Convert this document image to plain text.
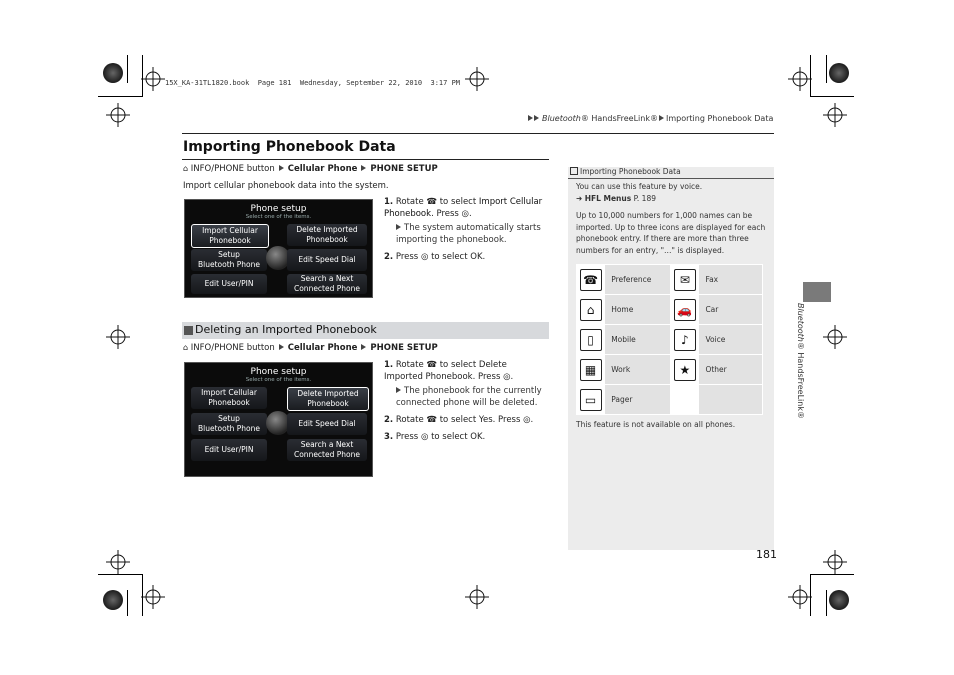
15X_KA-31TL1820.book  Page 181  Wednesday, September 22, 2010  3:17 PM
Bluetooth® HandsFreeLink® Importing Phonebook Data
Importing Phonebook Data
⌂ INFO/PHONE button Cellular Phone PHONE SETUP
Import cellular phonebook data into the system.
Phone setup
Select one of the items.
Import Cellular
Phonebook
Delete Imported
Phonebook
Setup
Bluetooth Phone
Edit Speed Dial
Edit User/PIN
Search a Next
Connected Phone
1. Rotate ☎ to select Import Cellular Phonebook. Press ◎.
The system automatically starts importing the phonebook.
2. Press ◎ to select OK.
Deleting an Imported Phonebook
⌂ INFO/PHONE button Cellular Phone PHONE SETUP
Phone setup
Select one of the items.
Import Cellular
Phonebook
Delete Imported
Phonebook
Setup
Bluetooth Phone
Edit Speed Dial
Edit User/PIN
Search a Next
Connected Phone
1. Rotate ☎ to select Delete Imported Phonebook. Press ◎.
The phonebook for the currently connected phone will be deleted.
2. Rotate ☎ to select Yes. Press ◎.
3. Press ◎ to select OK.
Importing Phonebook Data
You can use this feature by voice.
➜ HFL Menus P. 189
Up to 10,000 numbers for 1,000 names can be imported. Up to three icons are displayed for each phonebook entry. If there are more than three numbers for an entry, "…" is displayed.
☎	Preference	✉	Fax
⌂	Home	🚗	Car
▯	Mobile	♪	Voice
▦	Work	★	Other
▭	Pager		
This feature is not available on all phones.
Bluetooth® HandsFreeLink®
181
